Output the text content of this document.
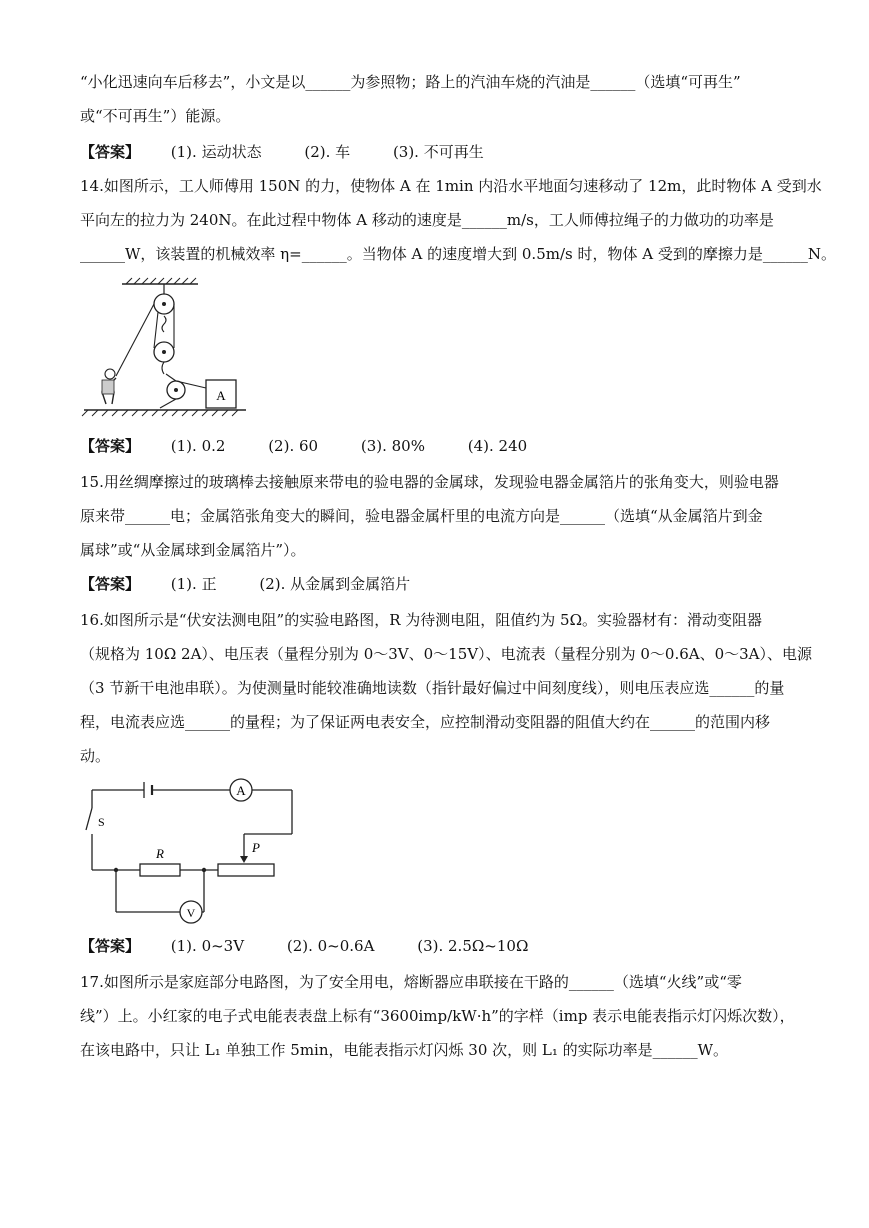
“小化迅速向车后移去”，小文是以______为参照物；路上的汽油车烧的汽油是______（选填“可再生”
或“不可再生”）能源。
【答案】 (1). 运动状态	(2). 车	(3). 不可再生
14.如图所示，工人师傅用 150N 的力，使物体 A 在 1min 内沿水平地面匀速移动了 12m，此时物体 A 受到水
平向左的拉力为 240N。在此过程中物体 A 移动的速度是______m/s，工人师傅拉绳子的力做功的功率是
______W，该装置的机械效率 η=______。当物体 A 的速度增大到 0.5m/s 时，物体 A 受到的摩擦力是______N。
A
【答案】 (1). 0.2	(2). 60	(3). 80%	(4). 240
15.用丝绸摩擦过的玻璃棒去接触原来带电的验电器的金属球，发现验电器金属箔片的张角变大，则验电器
原来带______电；金属箔张角变大的瞬间，验电器金属杆里的电流方向是______（选填“从金属箔片到金
属球”或“从金属球到金属箔片”）。
【答案】 (1). 正	(2). 从金属到金属箔片
16.如图所示是“伏安法测电阻”的实验电路图，R 为待测电阻，阻值约为 5Ω。实验器材有：滑动变阻器
（规格为 10Ω 2A）、电压表（量程分别为 0～3V、0～15V）、电流表（量程分别为 0～0.6A、0～3A）、电源
（3 节新干电池串联）。为使测量时能较准确地读数（指针最好偏过中间刻度线），则电压表应选______的量
程，电流表应选______的量程；为了保证两电表安全，应控制滑动变阻器的阻值大约在______的范围内移
动。
A
S
R	P
V
【答案】 (1). 0~3V	(2). 0~0.6A	(3). 2.5Ω~10Ω
17.如图所示是家庭部分电路图，为了安全用电，熔断器应串联接在干路的______（选填“火线”或“零
线”）上。小红家的电子式电能表表盘上标有“3600imp/kW·h”的字样（imp 表示电能表指示灯闪烁次数），
在该电路中，只让 L₁ 单独工作 5min，电能表指示灯闪烁 30 次，则 L₁ 的实际功率是______W。
